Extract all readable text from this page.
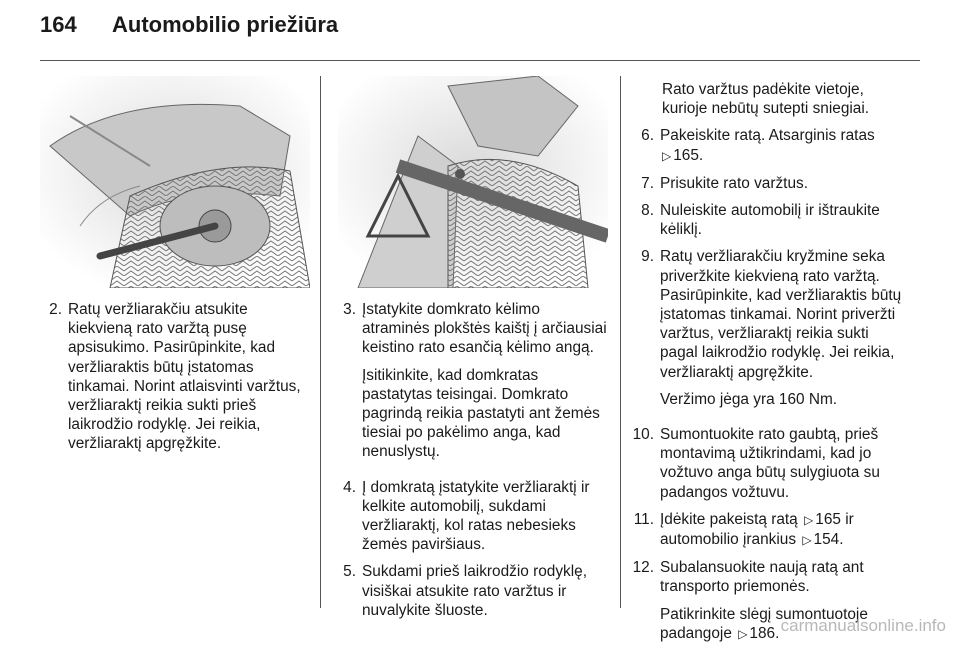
164 Automobilio priežiūra
2. Ratų veržliarakčiu atsukite kiekvieną rato varžtą pusę apsisukimo. Pasirūpinkite, kad veržliaraktis būtų įstatomas tinkamai. Norint atlaisvinti varžtus, veržliaraktį reikia sukti prieš laikrodžio rodyklę. Jei reikia, veržliaraktį apgręžkite.
3. Įstatykite domkrato kėlimo atraminės plokštės kaištį į arčiausiai keistino rato esančią kėlimo angą.

Įsitikinkite, kad domkratas pastatytas teisingai. Domkrato pagrindą reikia pastatyti ant žemės tiesiai po pakėlimo anga, kad nenuslystų.

4. Į domkratą įstatykite veržliaraktį ir kelkite automobilį, sukdami veržliaraktį, kol ratas nebesieks žemės paviršiaus.
5. Sukdami prieš laikrodžio rodyklę, visiškai atsukite rato varžtus ir nuvalykite šluoste.

Rato varžtus padėkite vietoje, kurioje nebūtų sutepti sniegiai.

6. Pakeiskite ratą. Atsarginis ratas ▷ 165.
7. Prisukite rato varžtus.
8. Nuleiskite automobilį ir ištraukite kėliklį.
9. Ratų veržliarakčiu kryžmine seka priveržkite kiekvieną rato varžtą. Pasirūpinkite, kad veržliaraktis būtų įstatomas tinkamai. Norint priveržti varžtus, veržliaraktį reikia sukti pagal laikrodžio rodyklę. Jei reikia, veržliaraktį apgręžkite.

Veržimo jėga yra 160 Nm.

10. Sumontuokite rato gaubtą, prieš montavimą užtikrindami, kad jo vožtuvo anga būtų sulygiuota su padangos vožtuvu.
11. Įdėkite pakeistą ratą ▷ 165 ir automobilio įrankius ▷ 154.
12. Subalansuokite naują ratą ant transporto priemonės.

Patikrinkite slėgį sumontuotoje padangoje ▷ 186. carmanualsonline.info
